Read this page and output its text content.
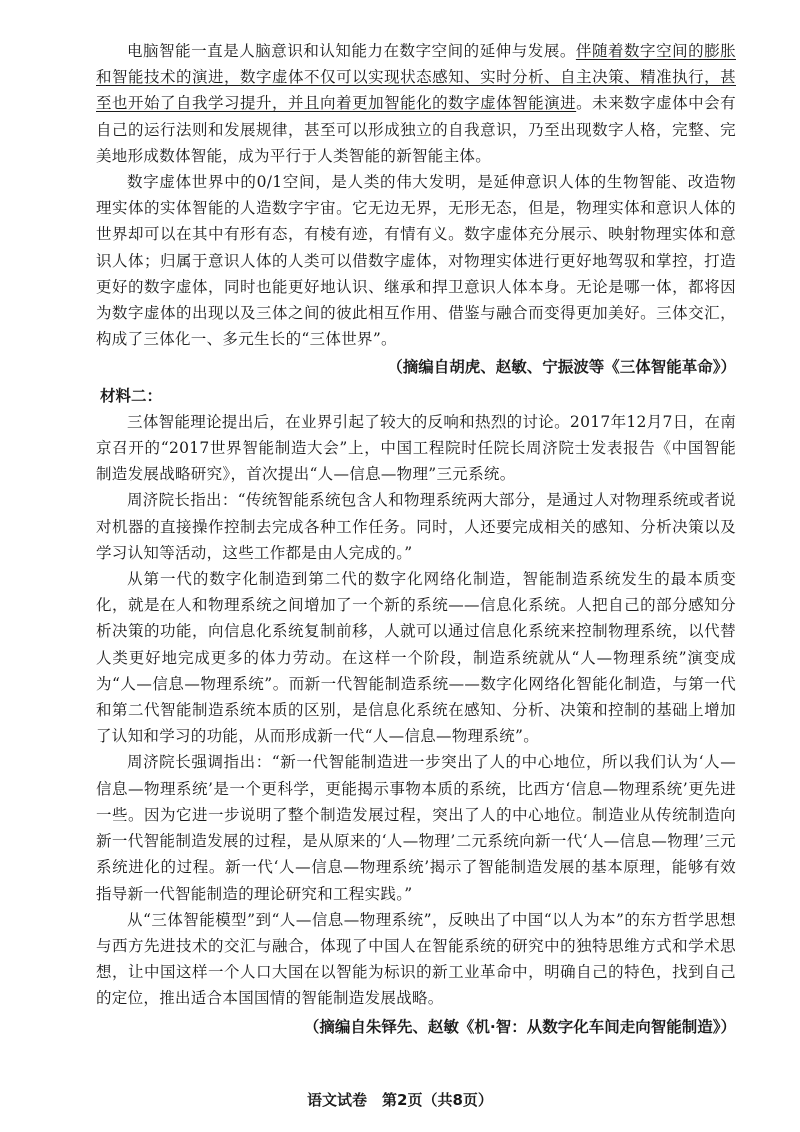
电脑智能一直是人脑意识和认知能力在数字空间的延伸与发展。伴随着数字空间的膨胀和智能技术的演进，数字虚体不仅可以实现状态感知、实时分析、自主决策、精准执行，甚至也开始了自我学习提升，并且向着更加智能化的数字虚体智能演进。未来数字虚体中会有自己的运行法则和发展规律，甚至可以形成独立的自我意识，乃至出现数字人格，完整、完美地形成数体智能，成为平行于人类智能的新智能主体。

数字虚体世界中的0/1空间，是人类的伟大发明，是延伸意识人体的生物智能、改造物理实体的实体智能的人造数字宇宙。它无边无界，无形无态，但是，物理实体和意识人体的世界却可以在其中有形有态，有棱有迹，有情有义。数字虚体充分展示、映射物理实体和意识人体；归属于意识人体的人类可以借数字虚体，对物理实体进行更好地驾驭和掌控，打造更好的数字虚体，同时也能更好地认识、继承和捍卫意识人体本身。无论是哪一体，都将因为数字虚体的出现以及三体之间的彼此相互作用、借鉴与融合而变得更加美好。三体交汇，构成了三体化一、多元生长的“三体世界”。

（摘编自胡虎、赵敏、宁振波等《三体智能革命》）

材料二：

三体智能理论提出后，在业界引起了较大的反响和热烈的讨论。2017年12月7日，在南京召开的“2017世界智能制造大会”上，中国工程院时任院长周济院士发表报告《中国智能制造发展战略研究》，首次提出“人—信息—物理”三元系统。

周济院长指出：“传统智能系统包含人和物理系统两大部分，是通过人对物理系统或者说对机器的直接操作控制去完成各种工作任务。同时，人还要完成相关的感知、分析决策以及学习认知等活动，这些工作都是由人完成的。”

从第一代的数字化制造到第二代的数字化网络化制造，智能制造系统发生的最本质变化，就是在人和物理系统之间增加了一个新的系统——信息化系统。人把自己的部分感知分析决策的功能，向信息化系统复制前移，人就可以通过信息化系统来控制物理系统，以代替人类更好地完成更多的体力劳动。在这样一个阶段，制造系统就从“人—物理系统”演变成为“人—信息—物理系统”。而新一代智能制造系统——数字化网络化智能化制造，与第一代和第二代智能制造系统本质的区别，是信息化系统在感知、分析、决策和控制的基础上增加了认知和学习的功能，从而形成新一代“人—信息—物理系统”。

周济院长强调指出：“新一代智能制造进一步突出了人的中心地位，所以我们认为‘人—信息—物理系统’是一个更科学，更能揭示事物本质的系统，比西方‘信息—物理系统’更先进一些。因为它进一步说明了整个制造发展过程，突出了人的中心地位。制造业从传统制造向新一代智能制造发展的过程，是从原来的‘人—物理’二元系统向新一代‘人—信息—物理’三元系统进化的过程。新一代‘人—信息—物理系统’揭示了智能制造发展的基本原理，能够有效指导新一代智能制造的理论研究和工程实践。”

从“三体智能模型”到“人—信息—物理系统”，反映出了中国“以人为本”的东方哲学思想与西方先进技术的交汇与融合，体现了中国人在智能系统的研究中的独特思维方式和学术思想，让中国这样一个人口大国在以智能为标识的新工业革命中，明确自己的特色，找到自己的定位，推出适合本国国情的智能制造发展战略。

（摘编自朱铎先、赵敏《机·智：从数字化车间走向智能制造》）

语文试卷　第2页（共8页）
